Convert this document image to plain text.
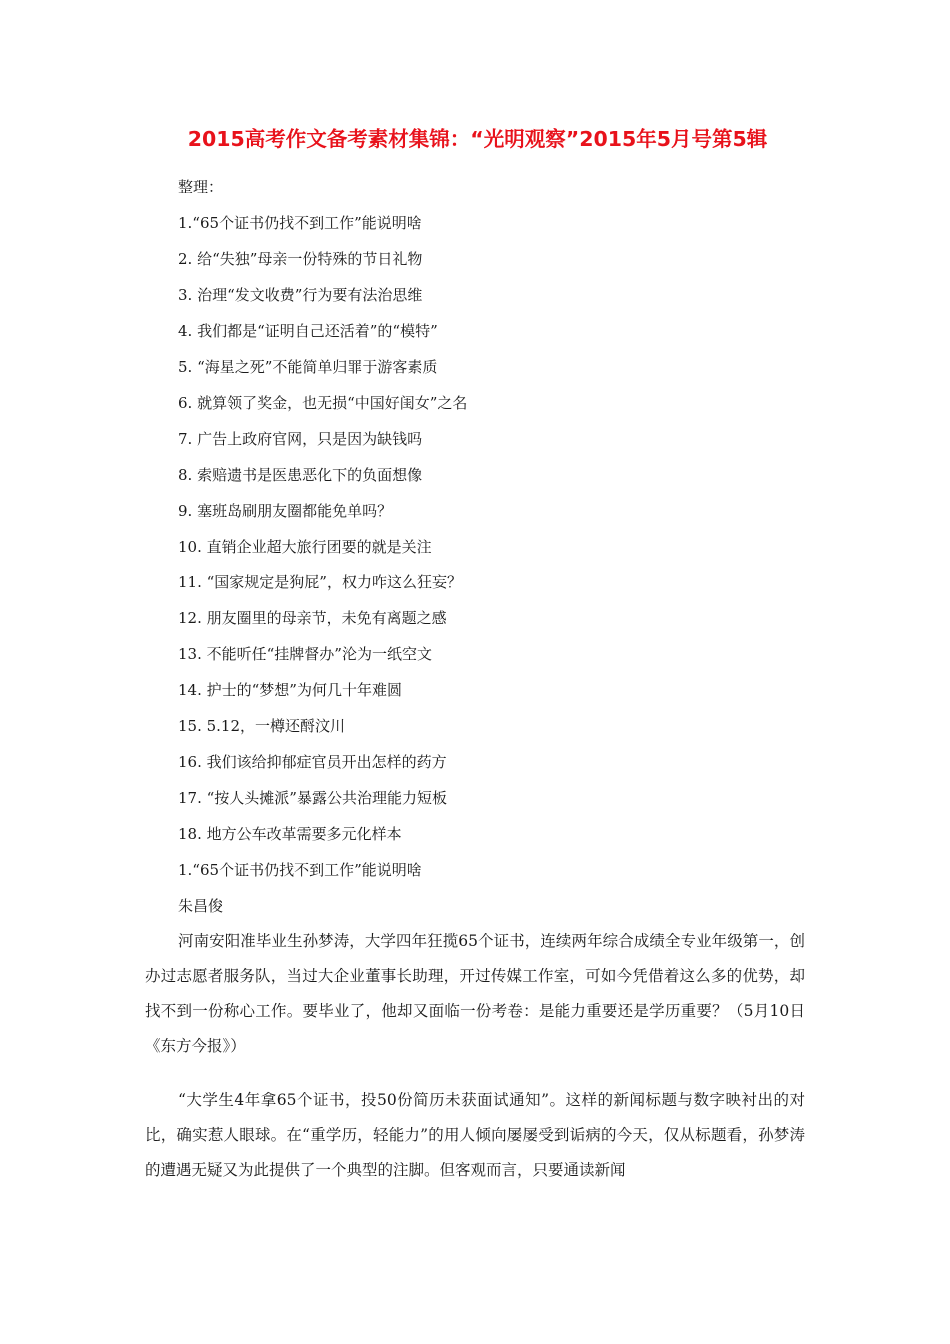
2015高考作文备考素材集锦：“光明观察”2015年5月号第5辑
整理：
1.“65个证书仍找不到工作”能说明啥
2. 给“失独”母亲一份特殊的节日礼物
3. 治理“发文收费”行为要有法治思维
4. 我们都是“证明自己还活着”的“模特”
5. “海星之死”不能简单归罪于游客素质
6. 就算领了奖金，也无损“中国好闺女”之名
7. 广告上政府官网，只是因为缺钱吗
8. 索赔遗书是医患恶化下的负面想像
9. 塞班岛刷朋友圈都能免单吗？
10. 直销企业超大旅行团要的就是关注
11. “国家规定是狗屁”，权力咋这么狂妄？
12. 朋友圈里的母亲节，未免有离题之感
13. 不能听任“挂牌督办”沦为一纸空文
14. 护士的“梦想”为何几十年难圆
15. 5.12，一樽还酹汶川
16. 我们该给抑郁症官员开出怎样的药方
17. “按人头摊派”暴露公共治理能力短板
18. 地方公车改革需要多元化样本
1.“65个证书仍找不到工作”能说明啥
朱昌俊
河南安阳准毕业生孙梦涛，大学四年狂揽65个证书，连续两年综合成绩全专业年级第一，创办过志愿者服务队，当过大企业董事长助理，开过传媒工作室，可如今凭借着这么多的优势，却找不到一份称心工作。要毕业了，他却又面临一份考卷：是能力重要还是学历重要？（5月10日《东方今报》）
“大学生4年拿65个证书，投50份简历未获面试通知”。这样的新闻标题与数字映衬出的对比，确实惹人眼球。在“重学历，轻能力”的用人倾向屡屡受到诟病的今天，仅从标题看，孙梦涛的遭遇无疑又为此提供了一个典型的注脚。但客观而言，只要通读新闻
